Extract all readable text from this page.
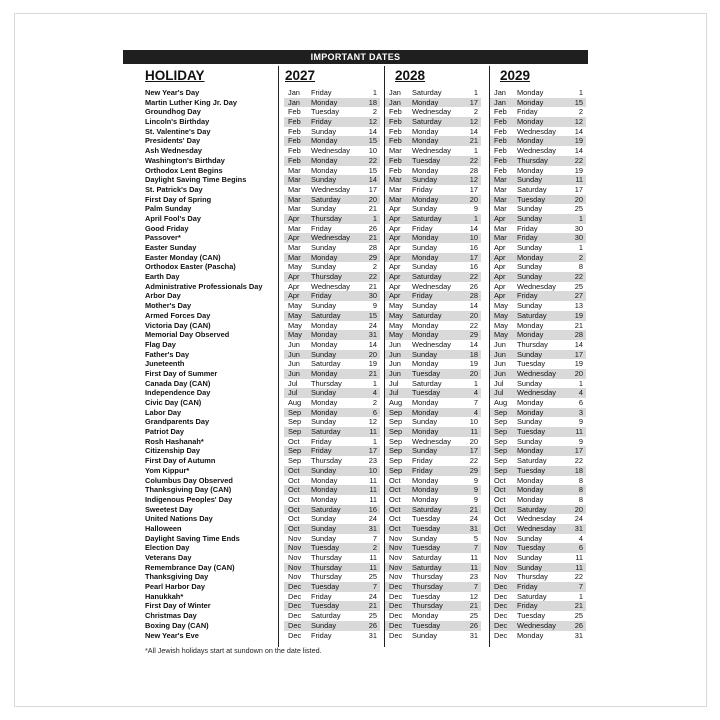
IMPORTANT DATES
HOLIDAY	2027	2028	2029
New Year's Day	Jan Friday	1 Jan Saturday	1 Jan Monday	1
Martin Luther King Jr. Day	Jan Monday	18 Jan Monday	17 Jan Monday	15
Groundhog Day	Feb Tuesday	2 Feb Wednesday	2 Feb Friday	2
Lincoln's Birthday	Feb Friday	12 Feb Saturday	12 Feb Monday	12
St. Valentine's Day	Feb Sunday	14 Feb Monday	14 Feb Wednesday	14
Presidents' Day	Feb Monday	15 Feb Monday	21 Feb Monday	19
Ash Wednesday	Feb Wednesday	10 Mar Wednesday	1 Feb Wednesday	14
Washington's Birthday	Feb Monday	22 Feb Tuesday	22 Feb Thursday	22
Orthodox Lent Begins	Mar Monday	15 Feb Monday	28 Feb Monday	19
Daylight Saving Time Begins	Mar Sunday	14 Mar Sunday	12 Mar Sunday	11
St. Patrick's Day	Mar Wednesday	17 Mar Friday	17 Mar Saturday	17
First Day of Spring	Mar Saturday	20 Mar Monday	20 Mar Tuesday	20
Palm Sunday	Mar Sunday	21 Apr Sunday	9 Mar Sunday	25
April Fool's Day	Apr Thursday	1 Apr Saturday	1 Apr Sunday	1
Good Friday	Mar Friday	26 Apr Friday	14 Mar Friday	30
Passover*	Apr Wednesday	21 Apr Monday	10 Mar Friday	30
Easter Sunday	Mar Sunday	28 Apr Sunday	16 Apr Sunday	1
Easter Monday (CAN)	Mar Monday	29 Apr Monday	17 Apr Monday	2
Orthodox Easter (Pascha)	May Sunday	2 Apr Sunday	16 Apr Sunday	8
Earth Day	Apr Thursday	22 Apr Saturday	22 Apr Sunday	22
Administrative Professionals Day	Apr Wednesday	21 Apr Wednesday	26 Apr Wednesday	25
Arbor Day	Apr Friday	30 Apr Friday	28 Apr Friday	27
Mother's Day	May Sunday	9 May Sunday	14 May Sunday	13
Armed Forces Day	May Saturday	15 May Saturday	20 May Saturday	19
Victoria Day (CAN)	May Monday	24 May Monday	22 May Monday	21
Memorial Day Observed	May Monday	31 May Monday	29 May Monday	28
Flag Day	Jun Monday	14 Jun Wednesday	14 Jun Thursday	14
Father's Day	Jun Sunday	20 Jun Sunday	18 Jun Sunday	17
Juneteenth	Jun Saturday	19 Jun Monday	19 Jun Tuesday	19
First Day of Summer	Jun Monday	21 Jun Tuesday	20 Jun Wednesday	20
Canada Day (CAN)	Jul Thursday	1 Jul Saturday	1 Jul Sunday	1
Independence Day	Jul Sunday	4 Jul Tuesday	4 Jul Wednesday	4
Civic Day (CAN)	Aug Monday	2 Aug Monday	7 Aug Monday	6
Labor Day	Sep Monday	6 Sep Monday	4 Sep Monday	3
Grandparents Day	Sep Sunday	12 Sep Sunday	10 Sep Sunday	9
Patriot Day	Sep Saturday	11 Sep Monday	11 Sep Tuesday	11
Rosh Hashanah*	Oct Friday	1 Sep Wednesday	20 Sep Sunday	9
Citizenship Day	Sep Friday	17 Sep Sunday	17 Sep Monday	17
First Day of Autumn	Sep Thursday	23 Sep Friday	22 Sep Saturday	22
Yom Kippur*	Oct Sunday	10 Sep Friday	29 Sep Tuesday	18
Columbus Day Observed	Oct Monday	11 Oct Monday	9 Oct Monday	8
Thanksgiving Day (CAN)	Oct Monday	11 Oct Monday	9 Oct Monday	8
Indigenous Peoples' Day	Oct Monday	11 Oct Monday	9 Oct Monday	8
Sweetest Day	Oct Saturday	16 Oct Saturday	21 Oct Saturday	20
United Nations Day	Oct Sunday	24 Oct Tuesday	24 Oct Wednesday	24
Halloween	Oct Sunday	31 Oct Tuesday	31 Oct Wednesday	31
Daylight Saving Time Ends	Nov Sunday	7 Nov Sunday	5 Nov Sunday	4
Election Day	Nov Tuesday	2 Nov Tuesday	7 Nov Tuesday	6
Veterans Day	Nov Thursday	11 Nov Saturday	11 Nov Sunday	11
Remembrance Day (CAN)	Nov Thursday	11 Nov Saturday	11 Nov Sunday	11
Thanksgiving Day	Nov Thursday	25 Nov Thursday	23 Nov Thursday	22
Pearl Harbor Day	Dec Tuesday	7 Dec Thursday	7 Dec Friday	7
Hanukkah*	Dec Friday	24 Dec Tuesday	12 Dec Saturday	1
First Day of Winter	Dec Tuesday	21 Dec Thursday	21 Dec Friday	21
Christmas Day	Dec Saturday	25 Dec Monday	25 Dec Tuesday	25
Boxing Day (CAN)	Dec Sunday	26 Dec Tuesday	26 Dec Wednesday	26
New Year's Eve	Dec Friday	31 Dec Sunday	31 Dec Monday	31
*All Jewish holidays start at sundown on the date listed.
